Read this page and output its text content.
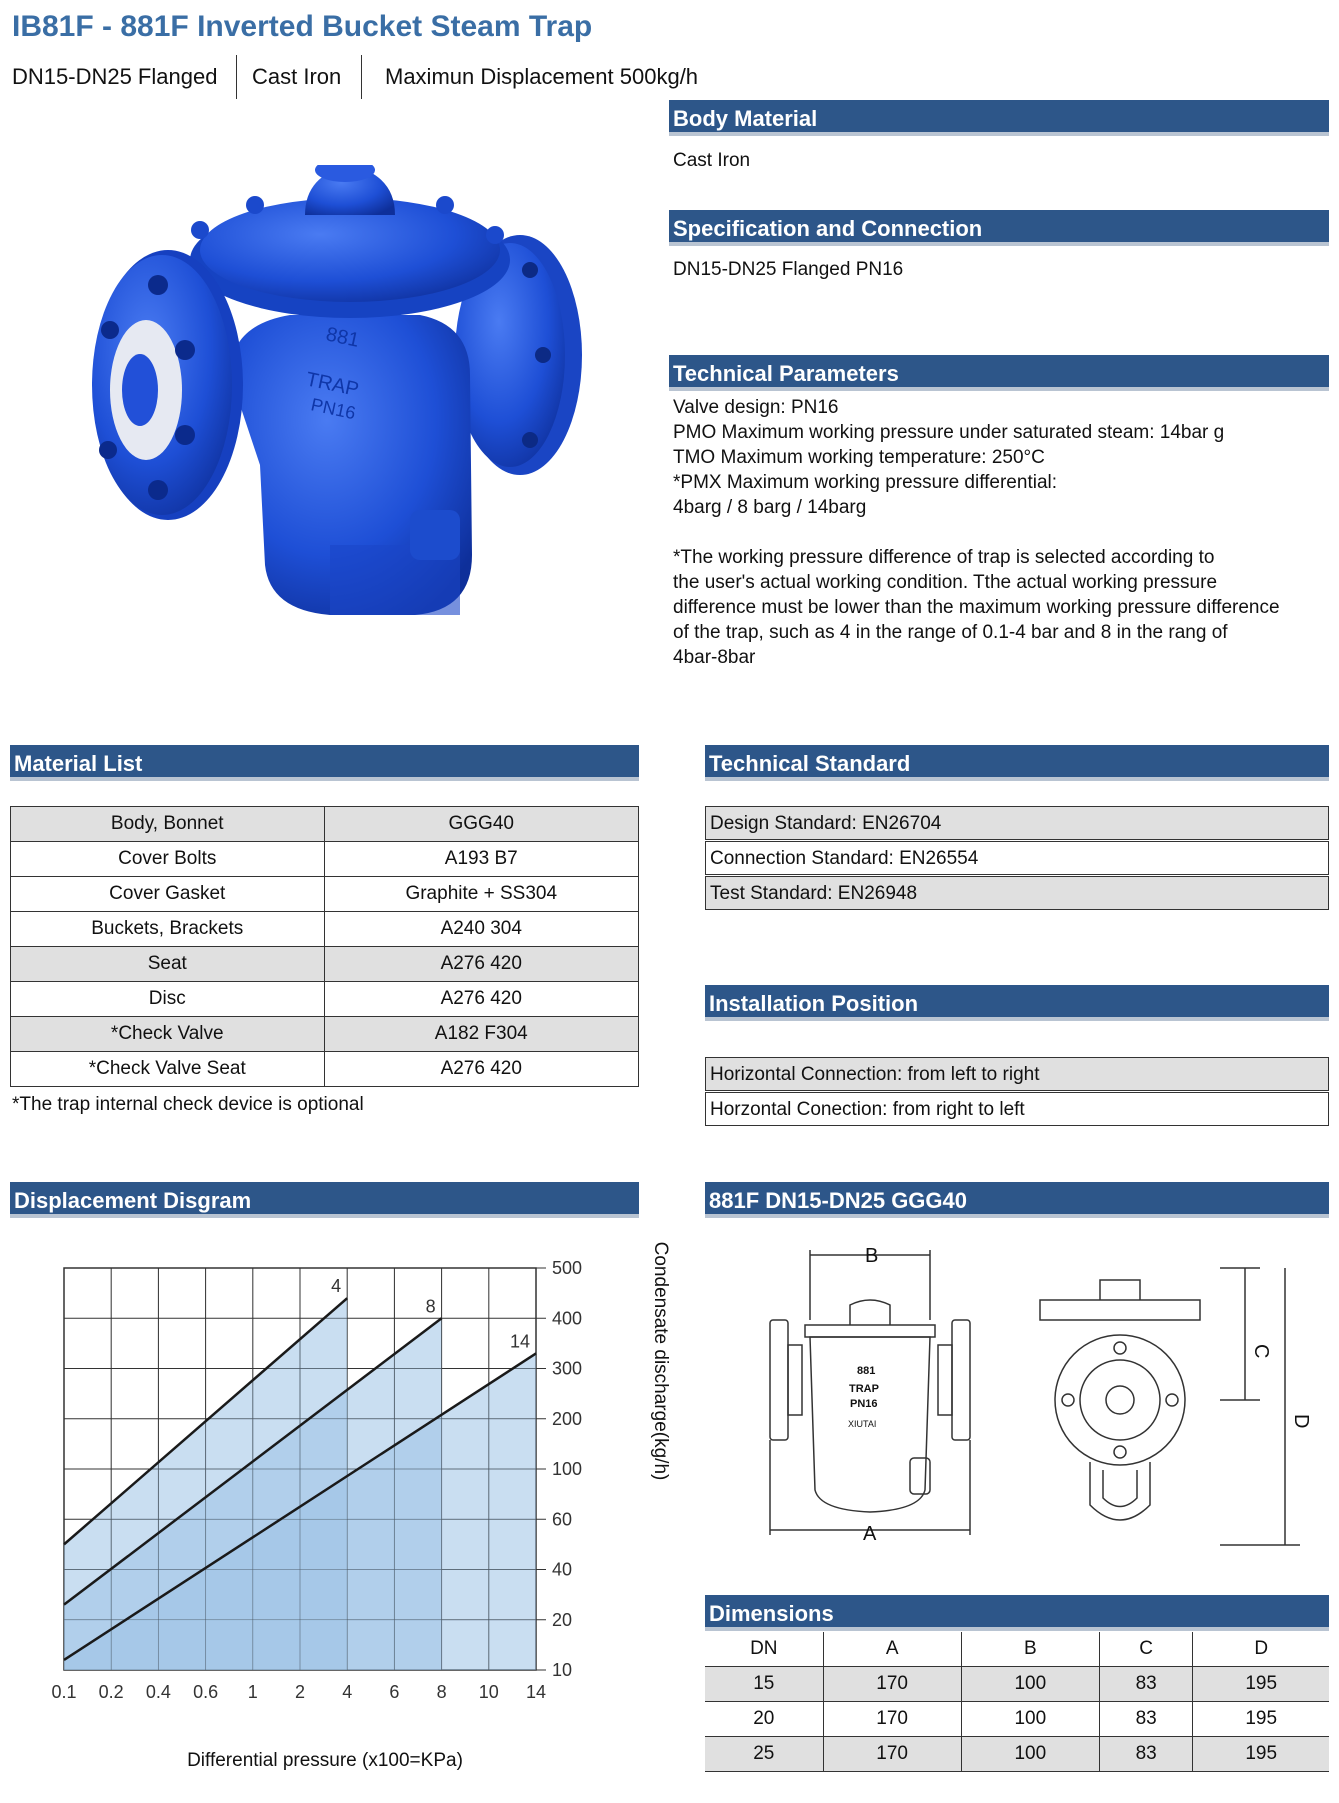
IB81F - 881F Inverted Bucket Steam Trap
DN15-DN25 Flanged Cast Iron Maximun Displacement 500kg/h
881
TRAP
PN16
Body Material
Cast Iron
Specification and Connection
DN15-DN25 Flanged PN16
Technical Parameters
Valve design: PN16
PMO Maximum working pressure under saturated steam: 14bar g
TMO Maximum working temperature: 250°C
*PMX Maximum working pressure differential:
4barg / 8 barg / 14barg
*The working pressure difference of trap is selected according to
the user's actual working condition. Tthe actual working pressure
difference must be lower than the maximum working pressure difference
of the trap, such as 4 in the range of 0.1-4 bar and 8 in the rang of
4bar-8bar
Material List
Body, Bonnet	GGG40
Cover Bolts	A193 B7
Cover Gasket	Graphite + SS304
Buckets, Brackets	A240 304
Seat	A276 420
Disc	A276 420
*Check Valve	A182 F304
*Check Valve Seat	A276 420
*The trap internal check device is optional
Technical Standard
Design Standard: EN26704
Connection Standard: EN26554
Test Standard: EN26948
Installation Position
Horizontal Connection: from left to right
Horzontal Conection: from right to left
Displacement Disgram
0.1 0.2 0.4 0.6 1 2 4 6 8 10 14
10
20
40
60
100
200
300
400
500
4
8
14
Differential pressure (x100=KPa)
Condensate discharge(kg/h)
881F DN15-DN25 GGG40
B
A
C
D
881
TRAP
PN16
XIUTAI
Dimensions
DN	A	B	C	D
15	170	100	83	195
20	170	100	83	195
25	170	100	83	195
